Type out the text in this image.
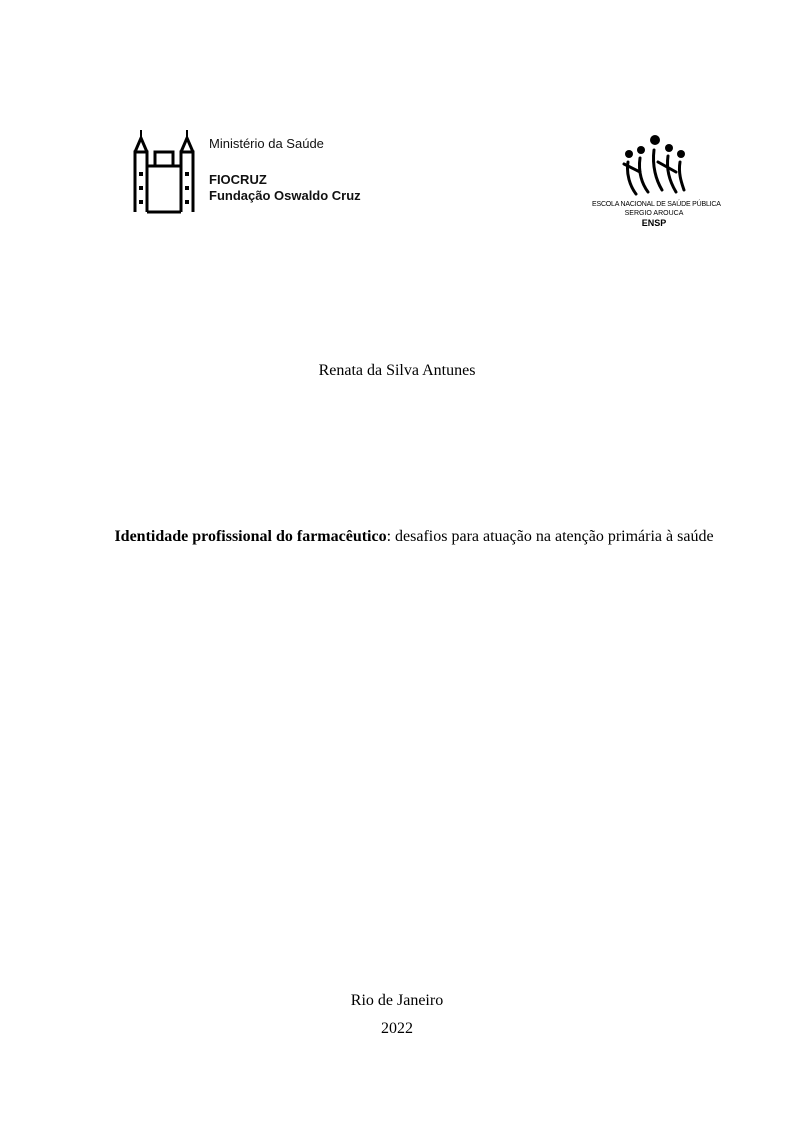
Ministério da Saúde
FIOCRUZ
Fundação Oswaldo Cruz
ESCOLA NACIONAL DE SAÚDE PÚBLICA
SERGIO AROUCA
ENSP
Renata da Silva Antunes
Identidade profissional do farmacêutico: desafios para atuação na atenção primária à saúde
Rio de Janeiro
2022
